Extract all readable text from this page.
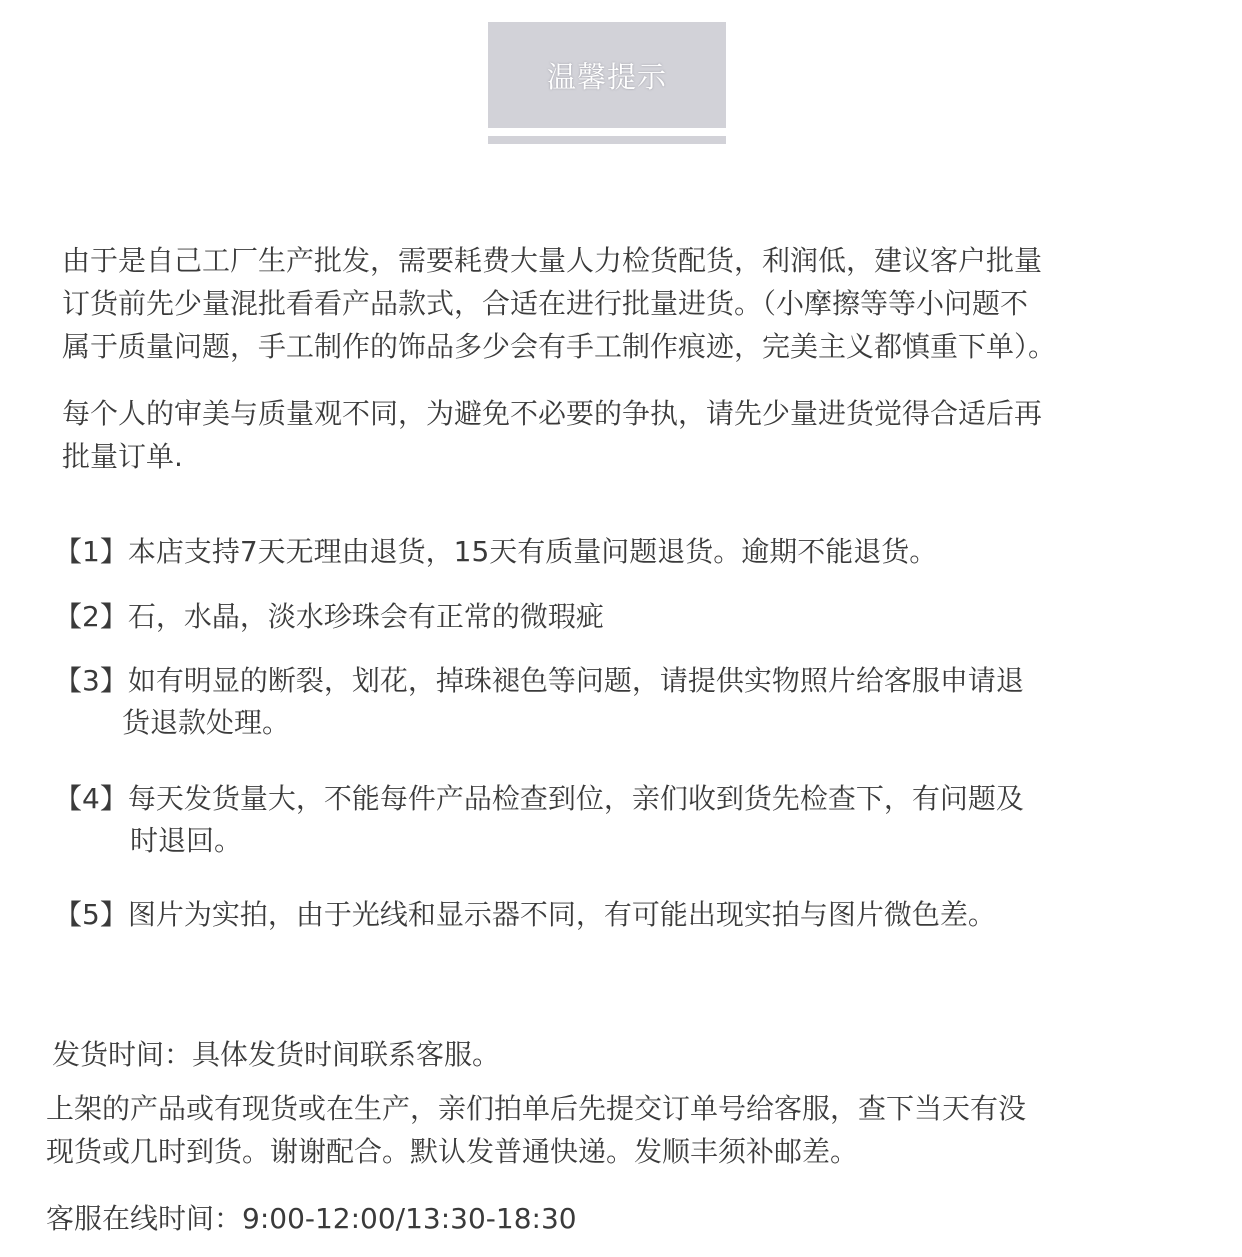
温馨提示
由于是自己工厂生产批发，需要耗费大量人力检货配货，利润低，建议客户批量
订货前先少量混批看看产品款式，合适在进行批量进货。（小摩擦等等小问题不
属于质量问题，手工制作的饰品多少会有手工制作痕迹，完美主义都慎重下单）。
每个人的审美与质量观不同，为避免不必要的争执，请先少量进货觉得合适后再
批量订单.
【1】本店支持7天无理由退货，15天有质量问题退货。逾期不能退货。
【2】石，水晶，淡水珍珠会有正常的微瑕疵
【3】如有明显的断裂，划花，掉珠褪色等问题，请提供实物照片给客服申请退
货退款处理。
【4】每天发货量大，不能每件产品检查到位，亲们收到货先检查下，有问题及
时退回。
【5】图片为实拍，由于光线和显示器不同，有可能出现实拍与图片微色差。
发货时间：具体发货时间联系客服。
上架的产品或有现货或在生产，亲们拍单后先提交订单号给客服，查下当天有没
现货或几时到货。谢谢配合。默认发普通快递。发顺丰须补邮差。
客服在线时间：9:00-12:00/13:30-18:30
